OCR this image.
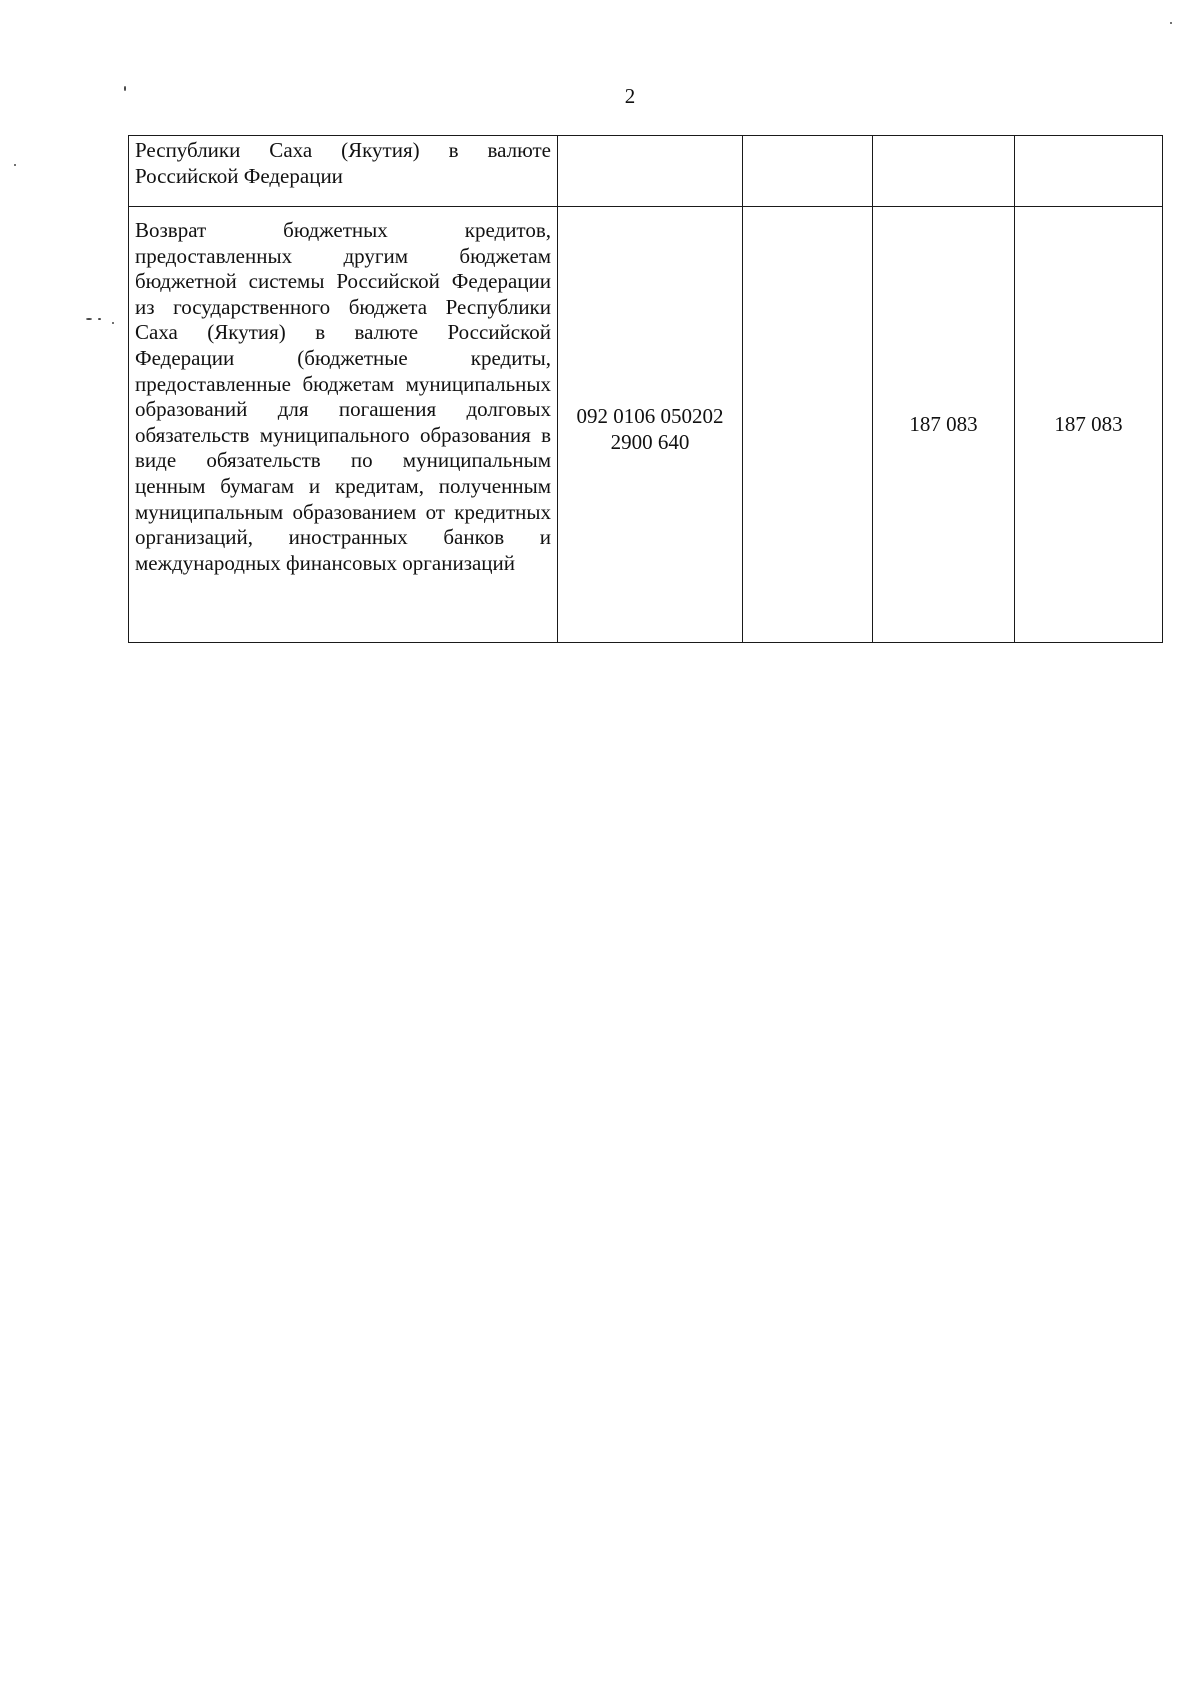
2
Республики Саха (Якутия) в валюте Российской Федерации				
Возврат бюджетных кредитов, предоставленных другим бюджетам бюджетной системы Российской Федерации из государственного бюджета Республики Саха (Якутия) в валюте Российской Федерации (бюджетные кредиты, предоставленные бюджетам муниципальных образований для погашения долговых обязательств муниципального образования в виде обязательств по муниципальным ценным бумагам и кредитам, полученным муниципальным образованием от кредитных организаций, иностранных банков и международных финансовых организаций	092 0106 050202 2900 640		187 083	187 083
